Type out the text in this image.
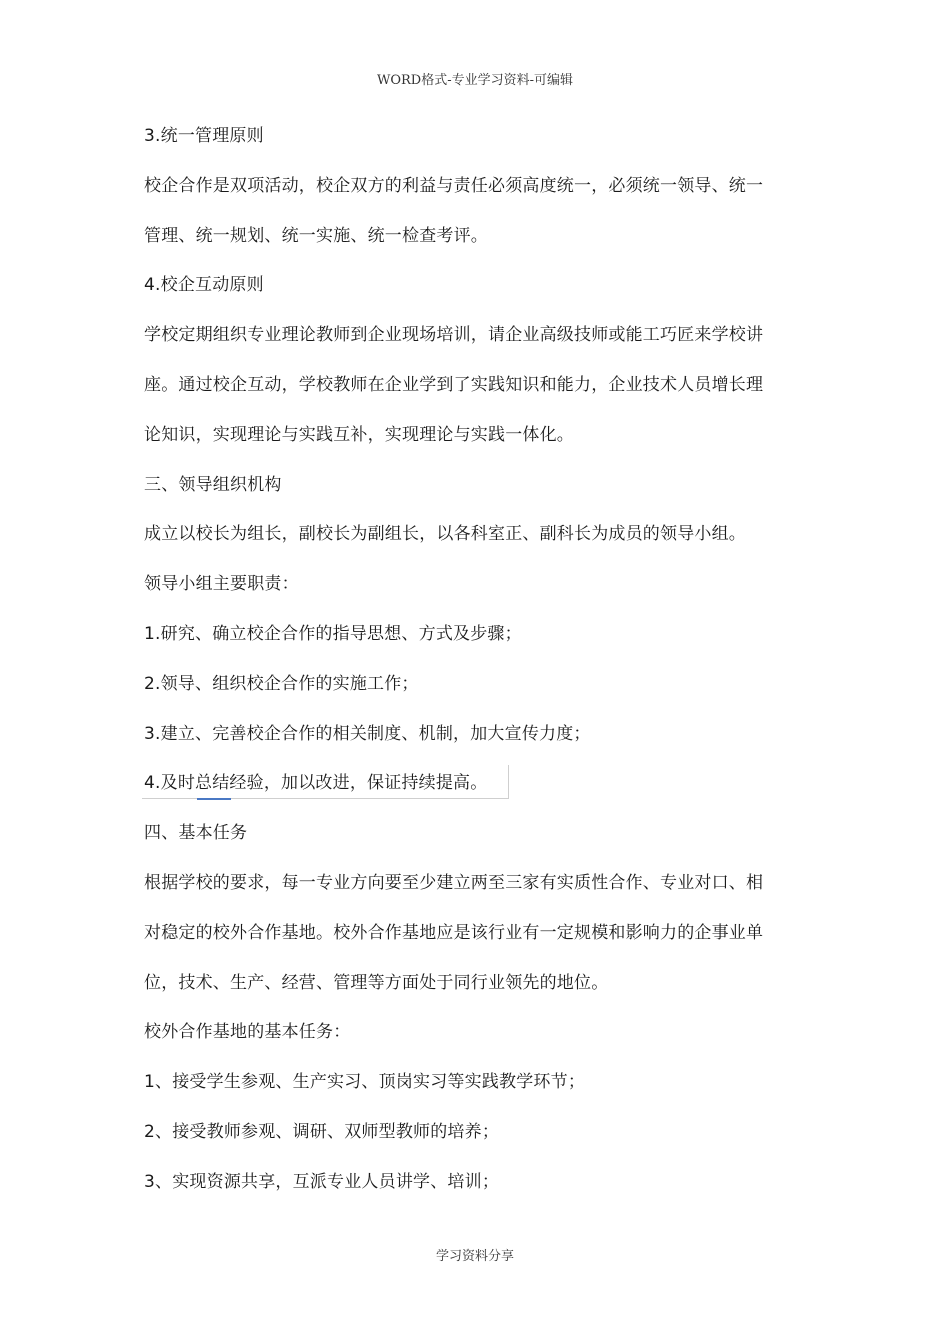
WORD格式-专业学习资料-可编辑
3.统一管理原则
校企合作是双项活动，校企双方的利益与责任必须高度统一，必须统一领导、统一
管理、统一规划、统一实施、统一检查考评。
4.校企互动原则
学校定期组织专业理论教师到企业现场培训，请企业高级技师或能工巧匠来学校讲
座。通过校企互动，学校教师在企业学到了实践知识和能力，企业技术人员增长理
论知识，实现理论与实践互补，实现理论与实践一体化。
三、领导组织机构
成立以校长为组长，副校长为副组长，以各科室正、副科长为成员的领导小组。
领导小组主要职责：
1.研究、确立校企合作的指导思想、方式及步骤；
2.领导、组织校企合作的实施工作；
3.建立、完善校企合作的相关制度、机制，加大宣传力度；
4.及时总结经验，加以改进，保证持续提高。
四、基本任务
根据学校的要求，每一专业方向要至少建立两至三家有实质性合作、专业对口、相
对稳定的校外合作基地。校外合作基地应是该行业有一定规模和影响力的企事业单
位，技术、生产、经营、管理等方面处于同行业领先的地位。
校外合作基地的基本任务：
1、接受学生参观、生产实习、顶岗实习等实践教学环节；
2、接受教师参观、调研、双师型教师的培养；
3、实现资源共享，互派专业人员讲学、培训；
学习资料分享
